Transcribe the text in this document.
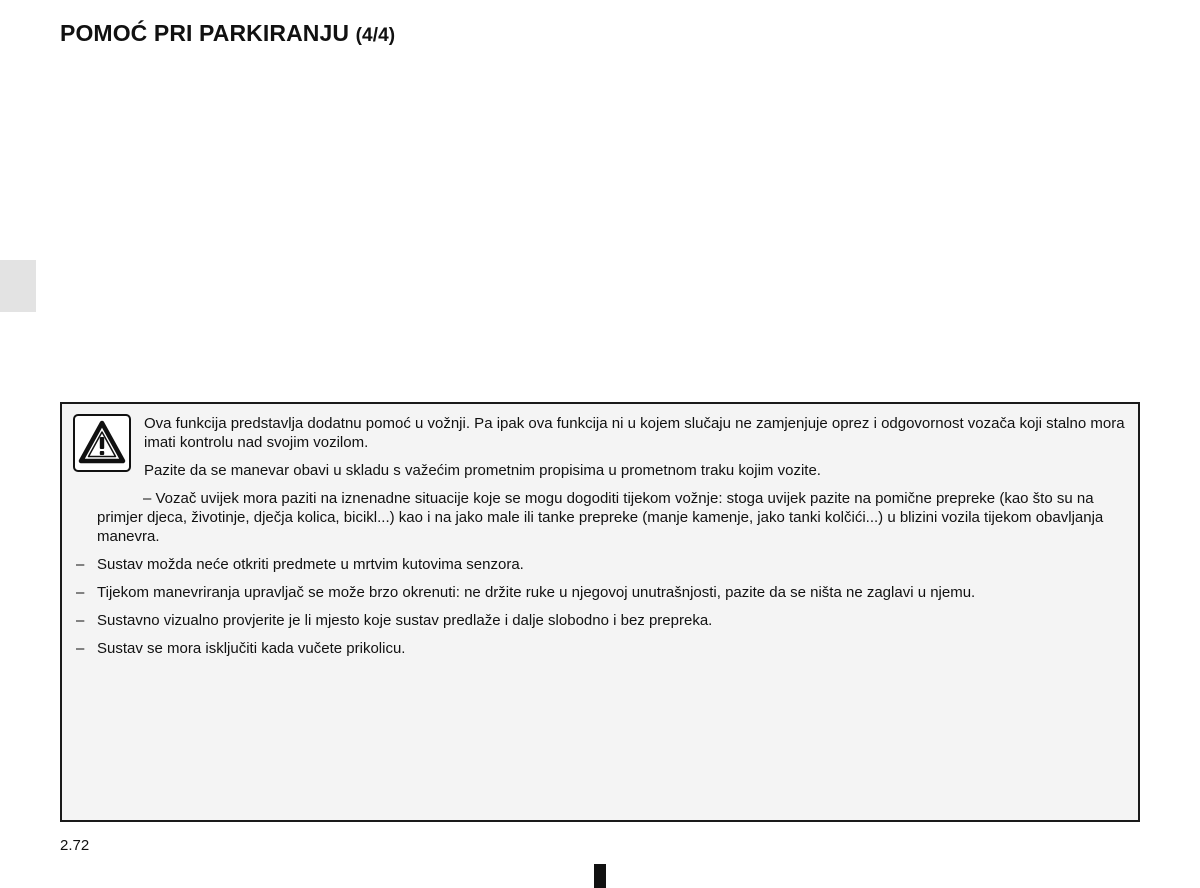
POMOĆ PRI PARKIRANJU (4/4)

Ova funkcija predstavlja dodatnu pomoć u vožnji. Pa ipak ova funkcija ni u kojem slučaju ne zamjenjuje oprez i odgovornost vozača koji stalno mora imati kontrolu nad svojim vozilom.

Pazite da se manevar obavi u skladu s važećim prometnim propisima u prometnom traku kojim vozite.

– Vozač uvijek mora paziti na iznenadne situacije koje se mogu dogoditi tijekom vožnje: stoga uvijek pazite na pomične prepreke (kao što su na primjer djeca, životinje, dječja kolica, bicikl...) kao i na jako male ili tanke prepreke (manje kamenje, jako tanki kolčići...) u blizini vozila tijekom obavljanja manevra.

– Sustav možda neće otkriti predmete u mrtvim kutovima senzora.
– Tijekom manevriranja upravljač se može brzo okrenuti: ne držite ruke u njegovoj unutrašnjosti, pazite da se ništa ne zaglavi u njemu.
– Sustavno vizualno provjerite je li mjesto koje sustav predlaže i dalje slobodno i bez prepreka.
– Sustav se mora isključiti kada vučete prikolicu.
2.72
